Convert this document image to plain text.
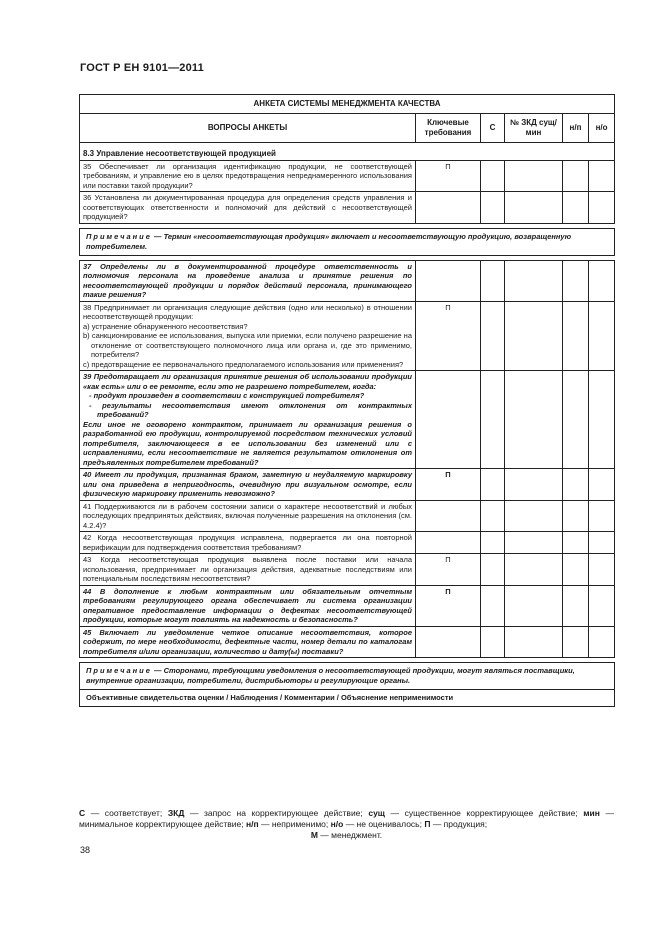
ГОСТ Р ЕН 9101—2011
АНКЕТА СИСТЕМЫ МЕНЕДЖМЕНТА КАЧЕСТВА					
ВОПРОСЫ АНКЕТЫ	Ключевые требования	С	№ ЗКД сущ/мин	н/п	н/о
8.3 Управление несоответствующей продукцией					
35 Обеспечивает ли организация идентификацию продукции, не соответствующей требованиям, и управление ею в целях предотвращения непреднамеренного использования или поставки такой продукции?	П				
36 Установлена ли документированная процедура для определения средств управления и соответствующих ответственности и полномочий для действий с несоответствующей продукцией?					

Примечание — Термин «несоответствующая продукция» включает и несоответствующую продукцию, возвращенную потребителем.					

37 Определены ли в документированной процедуре ответственность и полномочия персонала на проведение анализа и принятие решения по несоответствующей продукции и порядок действий персонала, принимающего такие решения?					
38 Предпринимает ли организация следующие действия (одно или несколько) в отношении несоответствующей продукции:
а) устранение обнаруженного несоответствия?
b) санкционирование ее использования, выпуска или приемки, если получено разрешение на отклонение от соответствующего полномочного лица или органа и, где это применимо, потребителя?
с) предотвращение ее первоначального предполагаемого использования или применения?	П				
39 Предотвращает ли организация принятие решения об использовании продукции «как есть» или о ее ремонте, если это не разрешено потребителем, когда:
- продукт произведен в соответствии с конструкцией потребителя?
- результаты несоответствия имеют отклонения от контрактных требований?
Если иное не оговорено контрактом, принимает ли организация решения о разработанной ею продукции, контролируемой посредством технических условий потребителя, заключающееся в ее использовании без изменений или с исправлениями, если несоответствие не является результатом отклонения от предъявленных потребителем требований?					
40 Имеет ли продукция, признанная браком, заметную и неудаляемую маркировку или она приведена в непригодность, очевидную при визуальном осмотре, если физическую маркировку применить невозможно?	П				
41 Поддерживаются ли в рабочем состоянии записи о характере несоответствий и любых последующих предпринятых действиях, включая полученные разрешения на отклонения (см. 4.2.4)?					
42 Когда несоответствующая продукция исправлена, подвергается ли она повторной верификации для подтверждения соответствия требованиям?					
43 Когда несоответствующая продукция выявлена после поставки или начала использования, предпринимает ли организация действия, адекватные последствиям или потенциальным последствиям несоответствия?	П				
44 В дополнение к любым контрактным или обязательным отчетным требованиям регулирующего органа обеспечивает ли система организации оперативное предоставление информации о дефектах несоответствующей продукции, которые могут повлиять на надежность и безопасность?	П				
45 Включает ли уведомление четкое описание несоответствия, которое содержит, по мере необходимости, дефектные части, номер детали по каталогам потребителя и/или организации, количество и дату(ы) поставки?					

Примечание — Сторонами, требующими уведомления о несоответствующей продукции, могут являться поставщики, внутренние организации, потребители, дистрибьюторы и регулирующие органы.					
Объективные свидетельства оценки / Наблюдения / Комментарии / Объяснение неприменимости					
С — соответствует; ЗКД — запрос на корректирующее действие; сущ — существенное корректирующее действие; мин — минимальное корректирующее действие; н/п — неприменимо; н/о — не оценивалось; П — продукция;
М — менеджмент.
38
